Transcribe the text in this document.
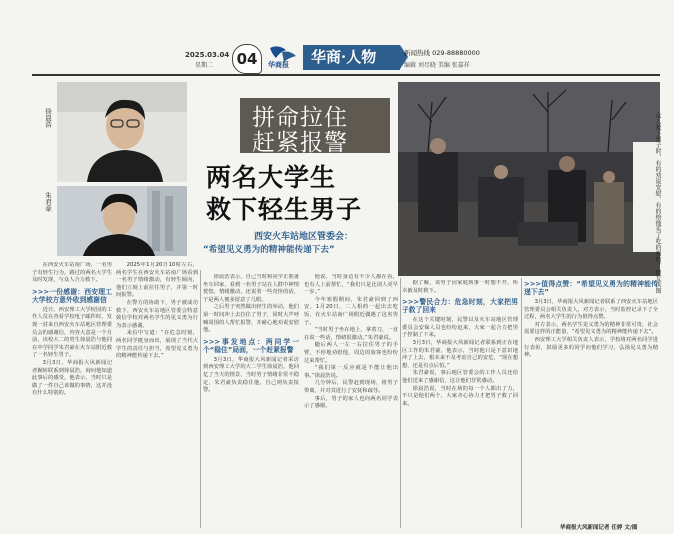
2025.03.04
星期二	04	华商报	华商·人物	新闻热线 029-88880000
编辑 刘尽晓 美编 张嘉祥
徐晨浩
朱君豪
拼命拉住
赶紧报警
两名大学生
救下轻生男子
西安火车站地区管委会：
“希望见义勇为的精神能传递下去”	众人救下男子时，有的劝说安慰，有的给他买了吃的喝的。 网友供图

在西安火车站南广场，一名男子有轻生行为，路过的两名大学生及时发现，与众人合力救下。

>>>一份感谢：西安理工大学校方意外收到感谢信

近日，西安理工大学校园的工作人员在查看学校电子邮件时，发现一封来自西安火车站地区管理委员会的感谢信，内容大意是一个月前，该校大二的男生徐晨浩与他同在中学同学朱君豪在火车站附近救了一名轻生男子。

3月3日，华商报大风新闻记者辗转联系到徐晨浩，询问他知道此事后的感受，他表示，当时只是做了一件自己该做的事情，这并没有什么特别的。

2025年1月20日10时左右，两名学生在西安火车站南广场看到一名男子情绪激动，有轻生倾向，他们立刻上前拉住男子，并第一时间报警。

在警方的协助下，男子被成功救下，西安火车站地区管委会特意致信学校对两名学生的见义勇为行为表示感谢。

来信中写道：“在危急时刻，两名同学挺身而出，展现了当代大学生的责任与担当，希望见义勇为的精神能传递下去。”

徐晨浩表示，自己当时和同学正准备坐车回家，看到一名男子站在人群中神情恍惚，情绪激动，还说着一些奇怪的话，于是两人便多留意了几眼。

之后男子突然做出轻生的举动，他们第一时间冲上去拉住了男子，同时大声呼喊周围的人帮忙报警，并耐心地劝说安慰他。

>>>事发地点：两同学一个“稳住”局面，一个赶紧报警

3月3日，华商报大风新闻记者采访到西安理工大学的大二学生徐晨浩，他回忆了当天的情景，当时男子情绪非常不稳定，朱君豪负责稳住他，自己则负责报警。

他说，当时身边有不少人都在看，也有人上前帮忙，“我们只是比别人更早一步。”

今年寒假期间，朱君豪回到了西安，1月20日，二人相约一起出去吃饭，在火车站南广场附近偶遇了这名男子。

“当时男子坐在地上，拿着刀，一直在说一些话，情绪很激动。”朱君豪说。

随后两人一左一右拉住男子的手臂，不停地劝慰他，周边的旅客也纷纷过来帮忙。

“我们第一反应就是不能让他出事。”徐晨浩说。

几分钟后，民警赶到现场，将男子带离，并对其进行了安抚和疏导。

事后，男子的家人也向两名同学表示了感谢。

据了解，该男子因家庭琐事一时想不开，所幸被及时救下。

>>>警民合力：危急时刻，大家把男子救了回来

在这个关键时刻，民警以及火车站地区管理委员会安保人员也纷纷赶来，大家一起合力把男子控制了下来。

3月3日，华商报大风新闻记者联系到正在地区工作的朱君豪，他表示，当时他只是下意识地冲了上去，根本来不及考虑自己的安危，“现在想想，还是有点后怕。”

朱君豪说，事后地区管委会的工作人员还给他们送来了感谢信，这让他们非常感动。

徐晨浩说，当时在场的每一个人都出了力，不只是他们两个，大家齐心协力才把男子救了回来。

>>>值得点赞：“希望见义勇为的精神能传递下去”

3月3日，华商报大风新闻记者联系了西安火车站地区管理委员会相关负责人，对方表示，当时监控记录下了全过程，两名大学生的行为值得点赞。

对方表示，两名学生见义勇为的精神非常可贵，社会需要这样的正能量，“希望见义勇为的精神能传递下去”。

西安理工大学相关负责人表示，学校将对两名同学进行表彰，鼓励更多的同学向他们学习，弘扬见义勇为精神。

华商报大风新闻记者 任婷 文/图
